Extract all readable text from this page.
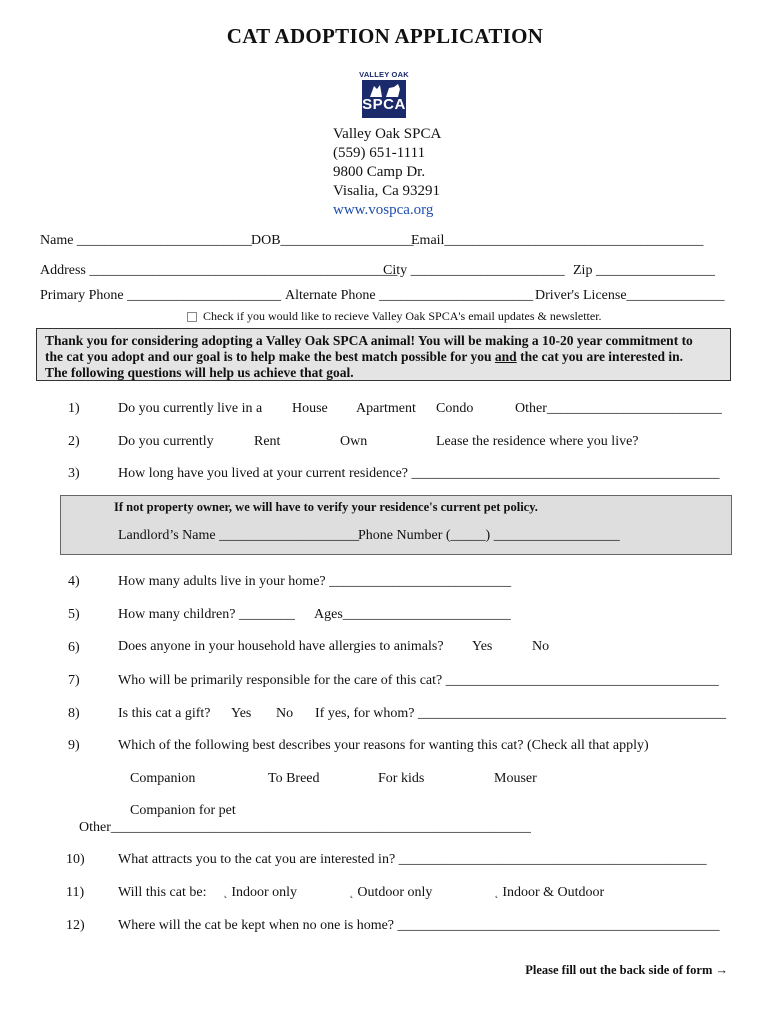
CAT ADOPTION APPLICATION
VALLEY OAK
SPCA
Valley Oak SPCA
(559) 651-1111
9800 Camp Dr.
Visalia, Ca 93291
www.vospca.org
Name _________________________ DOB___________________
Email_____________________________________
Address ____________________________________________
City ______________________ Zip _________________
Primary Phone ______________________ Alternate Phone ______________________ Driver's License______________
Check if you would like to recieve Valley Oak SPCA's email updates & newsletter.

Thank you for considering adopting a Valley Oak SPCA animal! You will be making a 10-20 year commitment to

the cat you adopt and our goal is to help make the best match possible for you and the cat you are interested in.

The following questions will help us achieve that goal.

1)	Do you currently live in a House Apartment Condo	Other_________________________
2)	Do you currently	Rent	Own	Lease the residence where you live?
3)	How long have you lived at your current residence? ____________________________________________
If not property owner, we will have to verify your residence's current pet policy.
Landlord’s Name ____________________
Phone Number (_____) __________________
4)	How many adults live in your home? __________________________
5)	How many children? ________ Ages________________________
6)	Does anyone in your household have allergies to animals? Yes	No
7)	Who will be primarily responsible for the care of this cat? _______________________________________
8)	Is this cat a gift? Yes No If yes, for whom? ____________________________________________
9)	Which of the following best describes your reasons for wanting this cat? (Check all that apply)
Companion	To Breed	For kids	Mouser
Companion for pet
Other____________________________________________________________
10) What attracts you to the cat you are interested in? ____________________________________________
11) Will this cat be: ˛ Indoor only	˛ Outdoor only	˛ Indoor & Outdoor
12) Where will the cat be kept when no one is home? ______________________________________________
Please fill out the back side of form →
